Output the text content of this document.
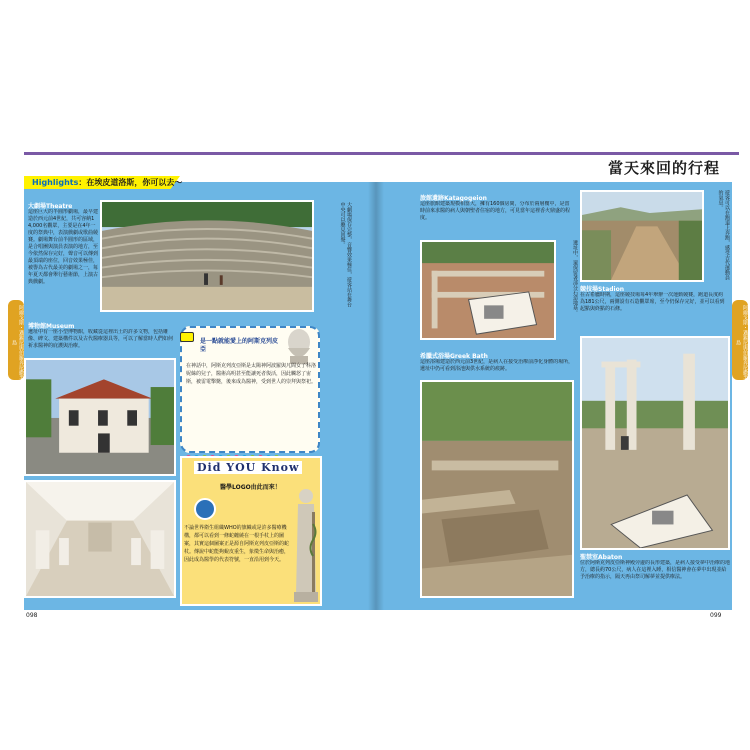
當天來回的行程
Highlights：在埃皮道洛斯，你可以去～
阿爾戈斯・邁錫尼與伯羅奔尼撒半島	阿爾戈斯・邁錫尼與伯羅奔尼撒半島
大劇場Theatre
這座巨大的半圓形劇場，最早建造於西元前4世紀，共可容納14,000名觀眾，主要是在4年一度的祭典中，表演戲劇或歌曲競賽。劇場舞台前半圓形的區域，是合唱團與演員表演的地方，至今依然保存完好，聲音可以傳到最頂端的座位，回音效果極佳，被譽為古代最美的劇場之一，每年夏天都會舉行藝術節，上演古典戲劇。	大劇場保存完整，音響效果極佳，遊客站在舞台中央可以聽見回聲。
博物館Museum
遺址中有一座小型博物館，收藏從這裡出土的許多文物，包括雕像、碑文、建築構件以及古代醫療器具等，可以了解當時人們如何祈求醫神的庇護與治療。
是一點就能愛上的阿斯克列皮亞
在神話中，阿斯克列皮亞斯是太陽神阿波羅與凡間女子科洛妮絲的兒子，醫術高明甚至能讓死者復活，因此觸怒了宙斯，被雷電擊斃，後來成為醫神，受到世人的崇拜與祭祀。
Did YOU Know
醫學LOGO由此而來！
不論世界衛生組織WHO的旗幟或是許多醫療機構，都可以看到一條蛇纏繞在一根手杖上的圖案，其實這個圖案正是源自阿斯克列皮亞斯的蛇杖。傳說中蛇能夠蛻皮重生，象徵生命與治癒，因此成為醫學的代表符號，一直沿用到今天。
098	099
旅館遺跡Katagogeion
這座旅館建築規模相當大，擁有160個房間，分布於兩層樓中，是當時前來求醫的病人與朝聖者住宿的地方，可見當年這裡香火鼎盛的程度。
遺址中，還保留著部分石造地基。	遊客可以在跑道上奔跑，感受古代運動員的氣息。
競技場Stadion
在古希臘時期，這座競技場每4年舉辦一次運動競賽，跑道長度約為181公尺，兩側設有石造觀眾席，至今仍保存完好，並可以看到起點與終點的石條。
希臘式浴場Greek Bath
這座浴場建造於西元前3世紀，是病人在接受治療前淨化身體的場所，遺址中仍可看到浴池與供水系統的痕跡。
聖禁室Abaton
位於阿斯克列皮亞斯神殿旁邊的長形建築，是病人接受夢中治療的地方，總長約70公尺，病人在這裡入睡，相信醫神會在夢中出現並給予治療的指示，隔天再由祭司解夢並提供療法。
